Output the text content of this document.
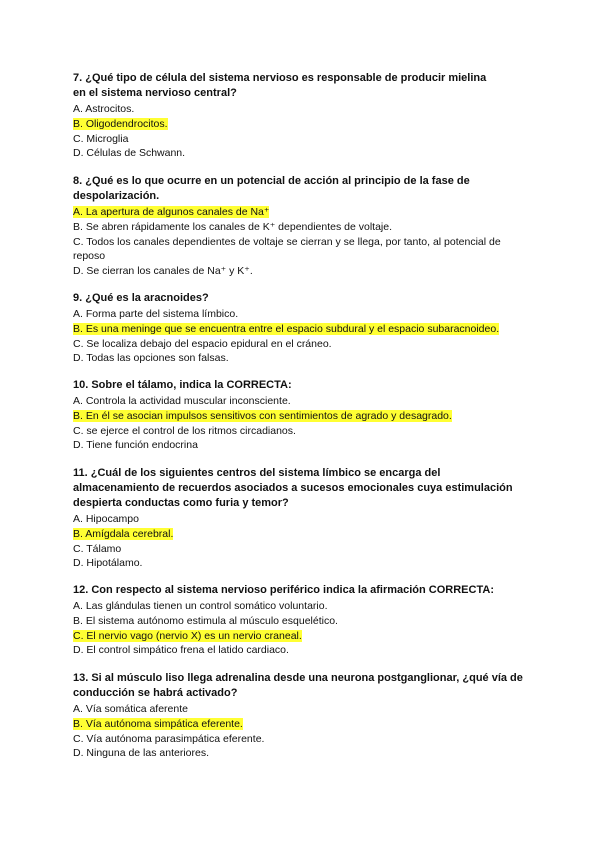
7. ¿Qué tipo de célula del sistema nervioso es responsable de producir mielina
en el sistema nervioso central?
A. Astrocitos.
B. Oligodendrocitos.
C. Microglia
D. Células de Schwann.
8. ¿Qué es lo que ocurre en un potencial de acción al principio de la fase de
despolarización.
A. La apertura de algunos canales de Na⁺
B. Se abren rápidamente los canales de K⁺ dependientes de voltaje.
C. Todos los canales dependientes de voltaje se cierran y se llega, por tanto, al potencial de reposo
D. Se cierran los canales de Na⁺ y K⁺.
9. ¿Qué es la aracnoides?
A. Forma parte del sistema límbico.
B. Es una meninge que se encuentra entre el espacio subdural y el espacio subaracnoideo.
C. Se localiza debajo del espacio epidural en el cráneo.
D. Todas las opciones son falsas.
10. Sobre el tálamo, indica la CORRECTA:
A. Controla la actividad muscular inconsciente.
B. En él se asocian impulsos sensitivos con sentimientos de agrado y desagrado.
C. se ejerce el control de los ritmos circadianos.
D. Tiene función endocrina
11. ¿Cuál de los siguientes centros del sistema límbico se encarga del
almacenamiento de recuerdos asociados a sucesos emocionales cuya estimulación
despierta conductas como furia y temor?
A. Hipocampo
B. Amígdala cerebral.
C. Tálamo
D. Hipotálamo.
12. Con respecto al sistema nervioso periférico indica la afirmación CORRECTA:
A. Las glándulas tienen un control somático voluntario.
B. El sistema autónomo estimula al músculo esquelético.
C. El nervio vago (nervio X) es un nervio craneal.
D. El control simpático frena el latido cardiaco.
13. Si al músculo liso llega adrenalina desde una neurona postganglionar, ¿qué vía de
conducción se habrá activado?
A. Vía somática aferente
B. Vía autónoma simpática eferente.
C. Vía autónoma parasimpática eferente.
D. Ninguna de las anteriores.
